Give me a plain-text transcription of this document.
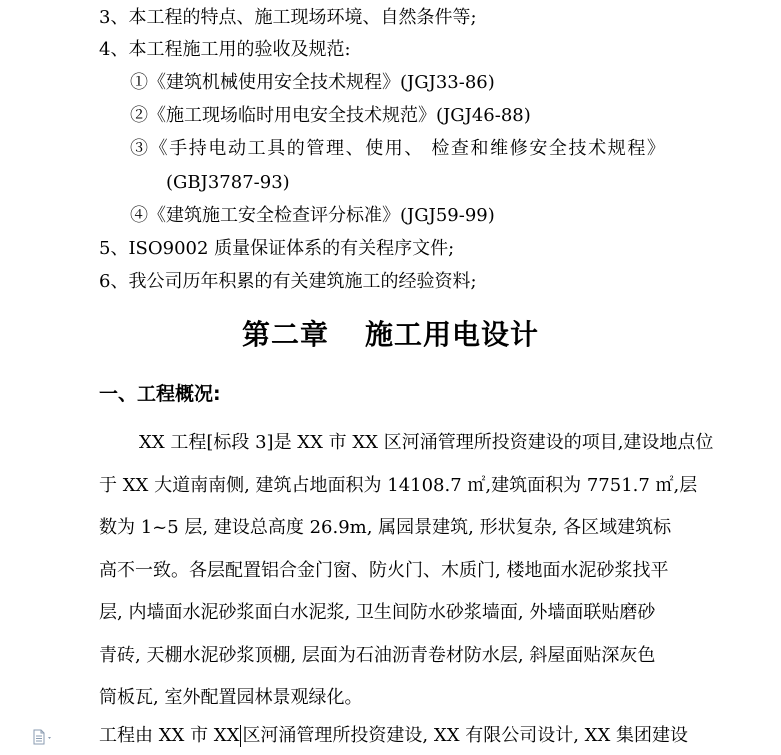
3、本工程的特点、施工现场环境、自然条件等;
4、本工程施工用的验收及规范:
①《建筑机械使用安全技术规程》(JGJ33-86)
②《施工现场临时用电安全技术规范》(JGJ46-88)
③《手持电动工具的管理、使用、 检查和维修安全技术规程》
(GBJ3787-93)
④《建筑施工安全检查评分标准》(JGJ59-99)
5、ISO9002 质量保证体系的有关程序文件;
6、我公司历年积累的有关建筑施工的经验资料;
第二章 施工用电设计
一、工程概况:
XX 工程[标段 3]是 XX 市 XX 区河涌管理所投资建设的项目,建设地点位
于 XX 大道南南侧, 建筑占地面积为 14108.7 ㎡,建筑面积为 7751.7 ㎡,层
数为 1~5 层, 建设总高度 26.9m, 属园景建筑, 形状复杂, 各区域建筑标
高不一致。各层配置铝合金门窗、防火门、木质门, 楼地面水泥砂浆找平
层, 内墙面水泥砂浆面白水泥浆, 卫生间防水砂浆墙面, 外墙面联贴磨砂
青砖, 天棚水泥砂浆顶棚, 层面为石油沥青卷材防水层, 斜屋面贴深灰色
筒板瓦, 室外配置园林景观绿化。
工程由 XX 市 XX 区河涌管理所投资建设, XX 有限公司设计, XX 集团建设
